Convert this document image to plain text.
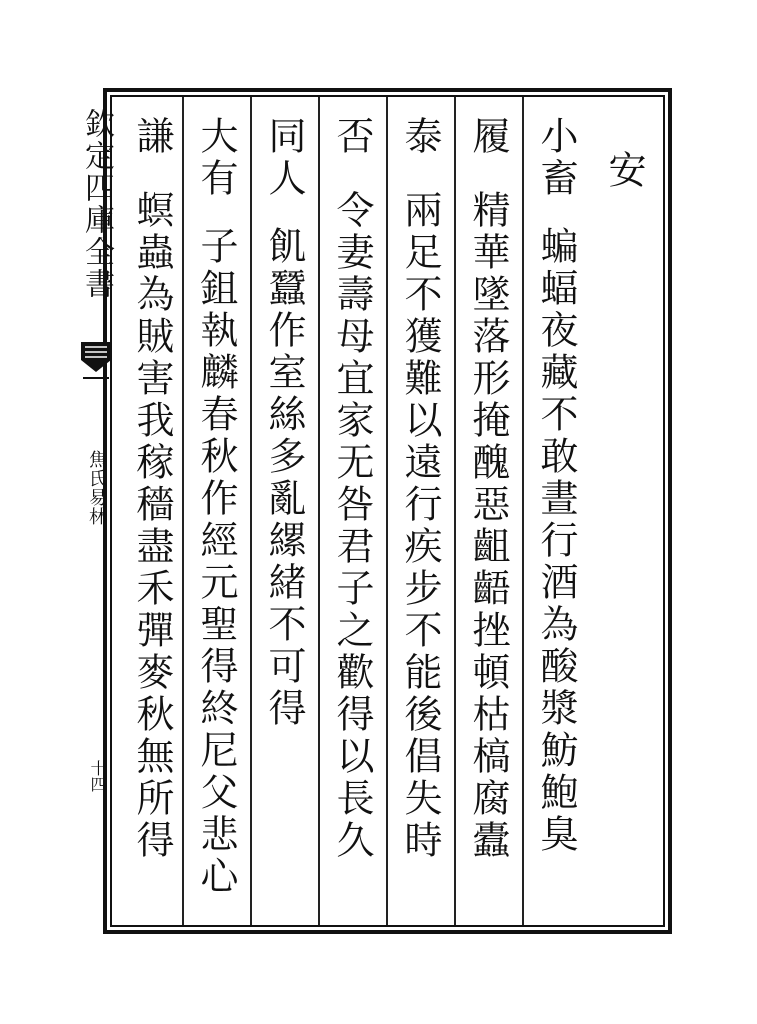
欽定四庫全書
焦氏易林
十四
安
小畜
蝙蝠夜藏不敢晝行酒為酸漿魴鮑臭
履
精華墜落形掩醜惡齟齬挫頓枯槁腐蠹
泰
兩足不獲難以遠行疾步不能後倡失時
否
令妻壽母宜家无咎君子之歡得以長久
同人
飢蠶作室絲多亂縲緒不可得
大有
子鉏執麟春秋作經元聖得終尼父悲心
謙
螟蟲為賊害我稼穡盡禾彈麥秋無所得
